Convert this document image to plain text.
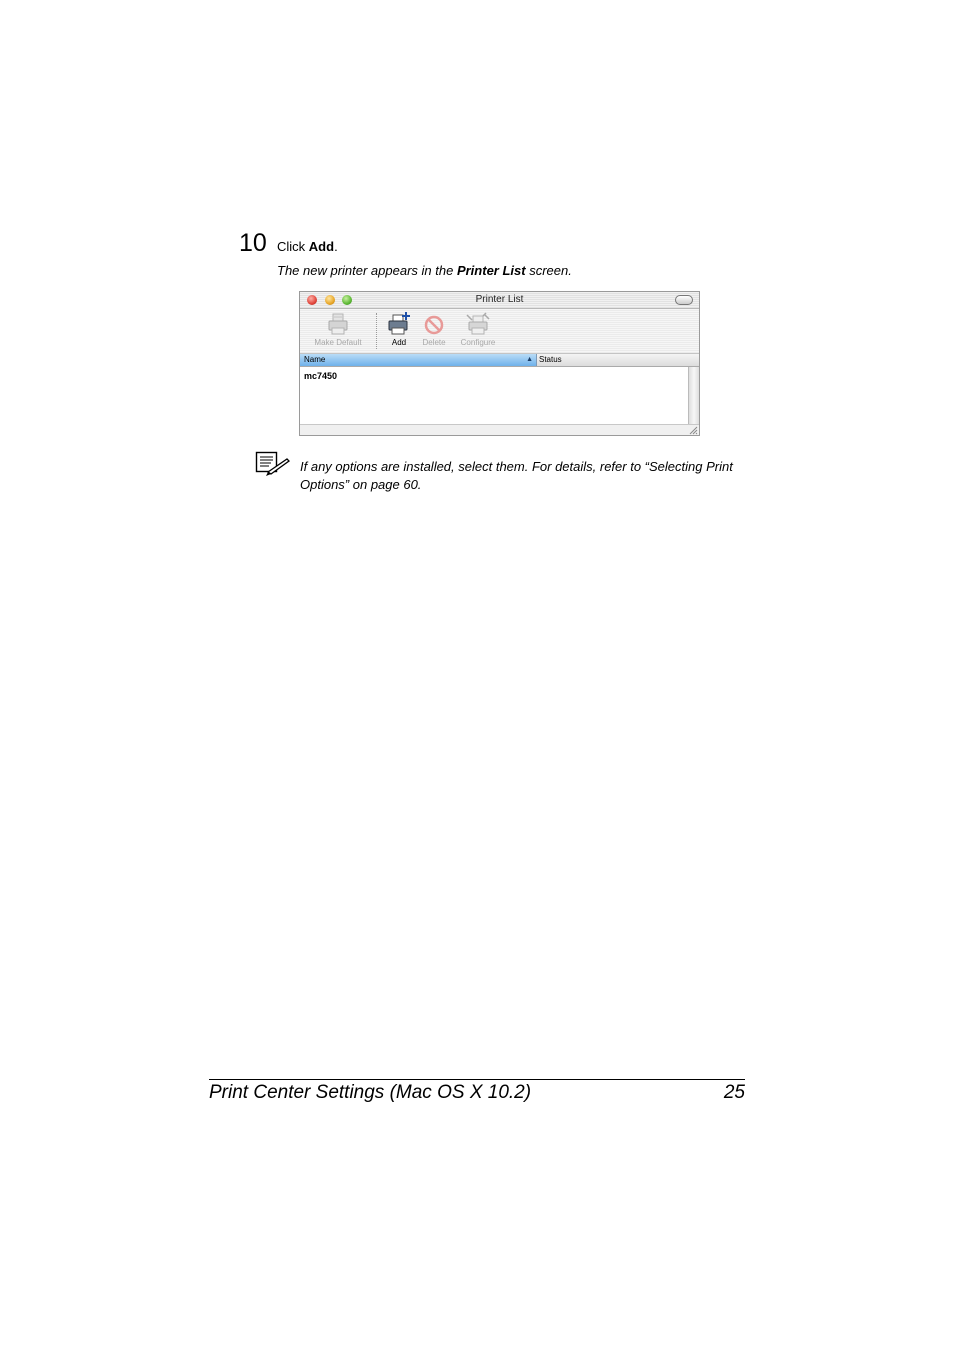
10 Click Add.
The new printer appears in the Printer List screen.
Printer List
Make Default	Add	Delete	Configure
Name	▲ Status
mc7450
If any options are installed, select them. For details, refer to “Selecting Print Options” on page 60.
Print Center Settings (Mac OS X 10.2)	25
